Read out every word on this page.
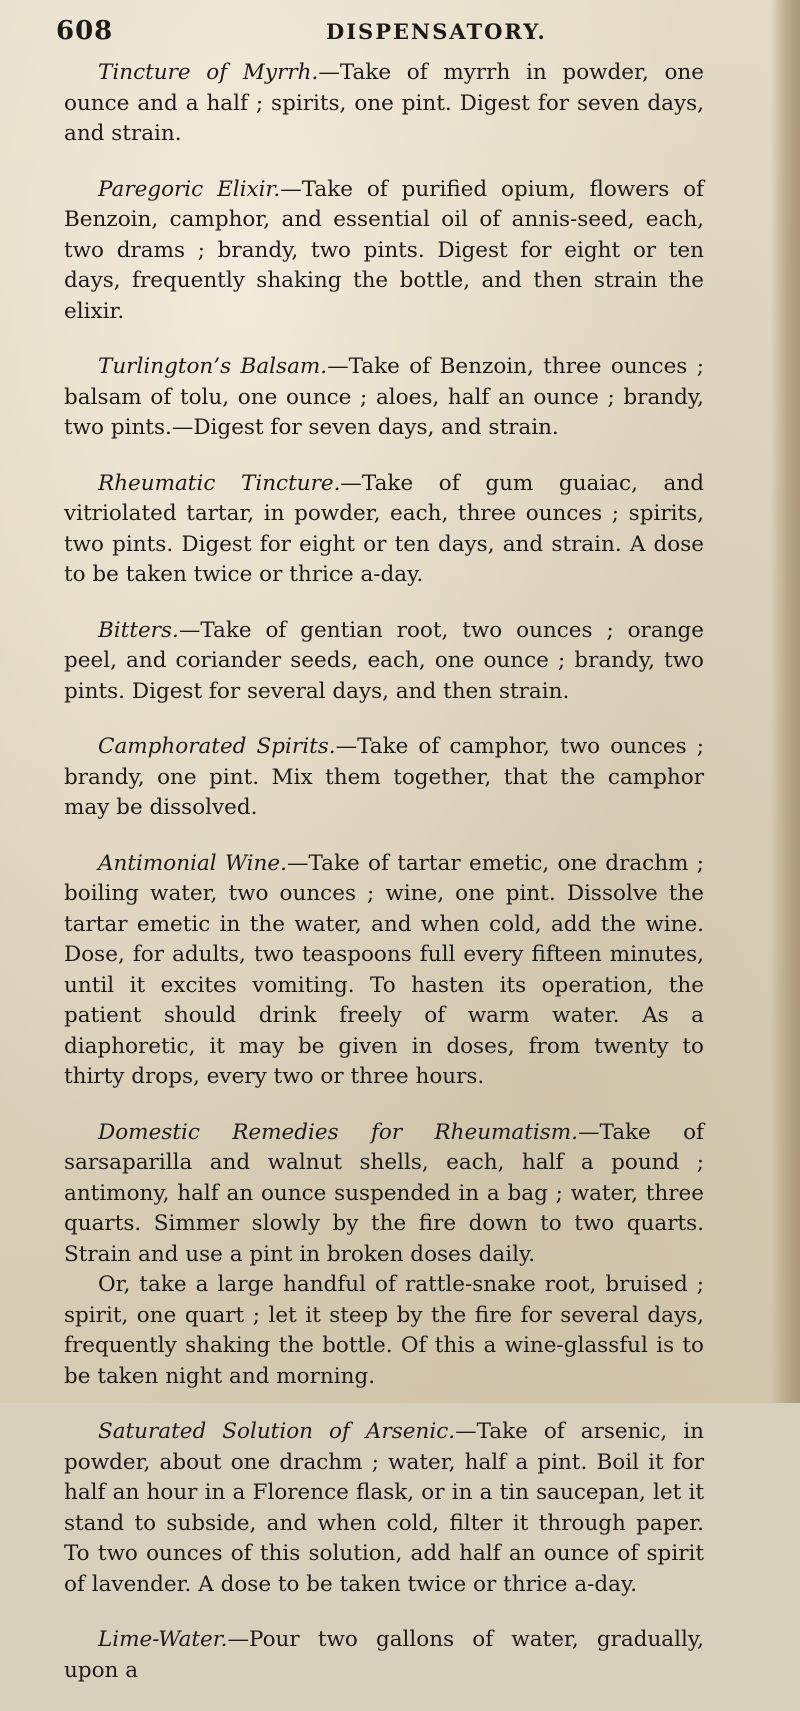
608	DISPENSATORY.

Tincture of Myrrh.—Take of myrrh in powder, one ounce and a half ; spirits, one pint. Digest for seven days, and strain.

Paregoric Elixir.—Take of purified opium, flowers of Benzoin, camphor, and essential oil of annis-seed, each, two drams ; brandy, two pints. Digest for eight or ten days, frequently shaking the bottle, and then strain the elixir.

Turlington’s Balsam.—Take of Benzoin, three ounces ; balsam of tolu, one ounce ; aloes, half an ounce ; brandy, two pints.—Digest for seven days, and strain.

Rheumatic Tincture.—Take of gum guaiac, and vitriolated tartar, in powder, each, three ounces ; spirits, two pints. Digest for eight or ten days, and strain. A dose to be taken twice or thrice a-day.

Bitters.—Take of gentian root, two ounces ; orange peel, and coriander seeds, each, one ounce ; brandy, two pints. Digest for several days, and then strain.

Camphorated Spirits.—Take of camphor, two ounces ; brandy, one pint. Mix them together, that the camphor may be dissolved.

Antimonial Wine.—Take of tartar emetic, one drachm ; boiling water, two ounces ; wine, one pint. Dissolve the tartar emetic in the water, and when cold, add the wine. Dose, for adults, two teaspoons full every fifteen minutes, until it excites vomiting. To hasten its operation, the patient should drink freely of warm water. As a diaphoretic, it may be given in doses, from twenty to thirty drops, every two or three hours.

Domestic Remedies for Rheumatism.—Take of sarsaparilla and walnut shells, each, half a pound ; antimony, half an ounce suspended in a bag ; water, three quarts. Simmer slowly by the fire down to two quarts. Strain and use a pint in broken doses daily.

Or, take a large handful of rattle-snake root, bruised ; spirit, one quart ; let it steep by the fire for several days, frequently shaking the bottle. Of this a wine-glassful is to be taken night and morning.

Saturated Solution of Arsenic.—Take of arsenic, in powder, about one drachm ; water, half a pint. Boil it for half an hour in a Florence flask, or in a tin saucepan, let it stand to subside, and when cold, filter it through paper. To two ounces of this solution, add half an ounce of spirit of lavender. A dose to be taken twice or thrice a-day.

Lime-Water.—Pour two gallons of water, gradually, upon a
